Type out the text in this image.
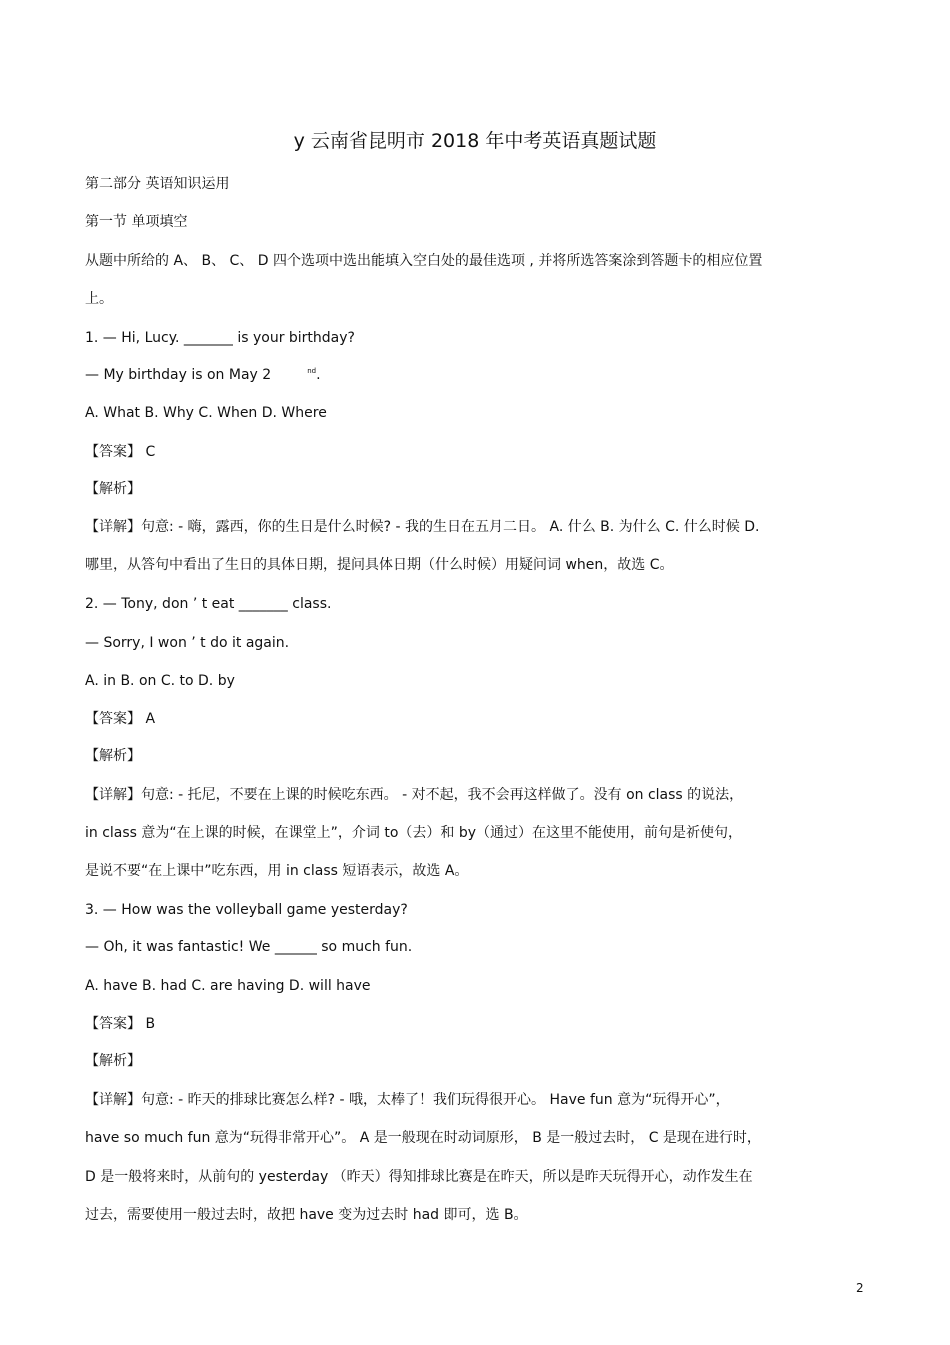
y 云南省昆明市 2018 年中考英语真题试题
第二部分 英语知识运用
第一节 单项填空
从题中所给的 A、 B、 C、 D 四个选项中选出能填入空白处的最佳选项 , 并将所选答案涂到答题卡的相应位置
上。
1. — Hi, Lucy. _______ is your birthday?
— My birthday is on May 2	$^{nd}$.
A. What B. Why C. When D. Where
【答案】 C
【解析】
【详解】句意: - 嗨，露西，你的生日是什么时候? - 我的生日在五月二日。 A. 什么 B. 为什么 C. 什么时候 D.
哪里，从答句中看出了生日的具体日期，提问具体日期（什么时候）用疑问词 when，故选 C。
2. — Tony, don ’ t eat _______ class.
— Sorry, I won ’ t do it again.
A. in B. on C. to D. by
【答案】 A
【解析】
【详解】句意: - 托尼，不要在上课的时候吃东西。 - 对不起，我不会再这样做了。没有 on class 的说法，
in class 意为“在上课的时候，在课堂上”，介词 to（去）和 by（通过）在这里不能使用，前句是祈使句，
是说不要“在上课中”吃东西，用 in class 短语表示，故选 A。
3. — How was the volleyball game yesterday?
— Oh, it was fantastic! We ______ so much fun.
A. have B. had C. are having D. will have
【答案】 B
【解析】
【详解】句意: - 昨天的排球比赛怎么样? - 哦，太棒了！我们玩得很开心。 Have fun 意为“玩得开心”，
have so much fun 意为“玩得非常开心”。 A 是一般现在时动词原形， B 是一般过去时， C 是现在进行时，
D 是一般将来时，从前句的 yesterday （昨天）得知排球比赛是在昨天，所以是昨天玩得开心，动作发生在
过去，需要使用一般过去时，故把 have 变为过去时 had 即可，选 B。
2
